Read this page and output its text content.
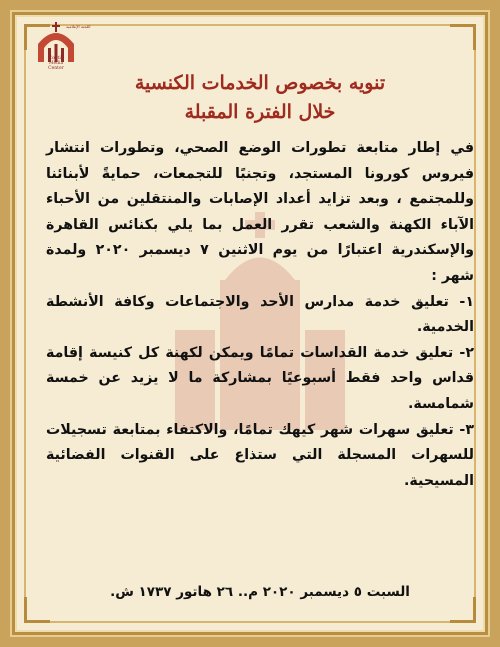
اللجنة الإعلامية
Coptic
Media
Center
تنويه بخصوص الخدمات الكنسية
خلال الفترة المقبلة

في إطار متابعة تطورات الوضع الصحي، وتطورات انتشار فيروس كورونا المستجد، وتجنبًا للتجمعات، حمايةً لأبنائنا وللمجتمع ، وبعد تزايد أعداد الإصابات والمنتقلين من الأحباء الآباء الكهنة والشعب تقرر العمل بما يلي بكنائس القاهرة والإسكندرية اعتبارًا من يوم الاثنين ٧ ديسمبر ٢٠٢٠ ولمدة شهر :

١- تعليق خدمة مدارس الأحد والاجتماعات وكافة الأنشطة الخدمية.

٢- تعليق خدمة القداسات تمامًا ويمكن لكهنة كل كنيسة إقامة قداس واحد فقط أسبوعيًا بمشاركة ما لا يزيد عن خمسة شمامسة.

٣- تعليق سهرات شهر كيهك تمامًا، والاكتفاء بمتابعة تسجيلات للسهرات المسجلة التي ستذاع على القنوات الفضائية المسيحية.

السبت ٥ ديسمبر ٢٠٢٠ م.. ٢٦ هاتور ١٧٣٧ ش.
